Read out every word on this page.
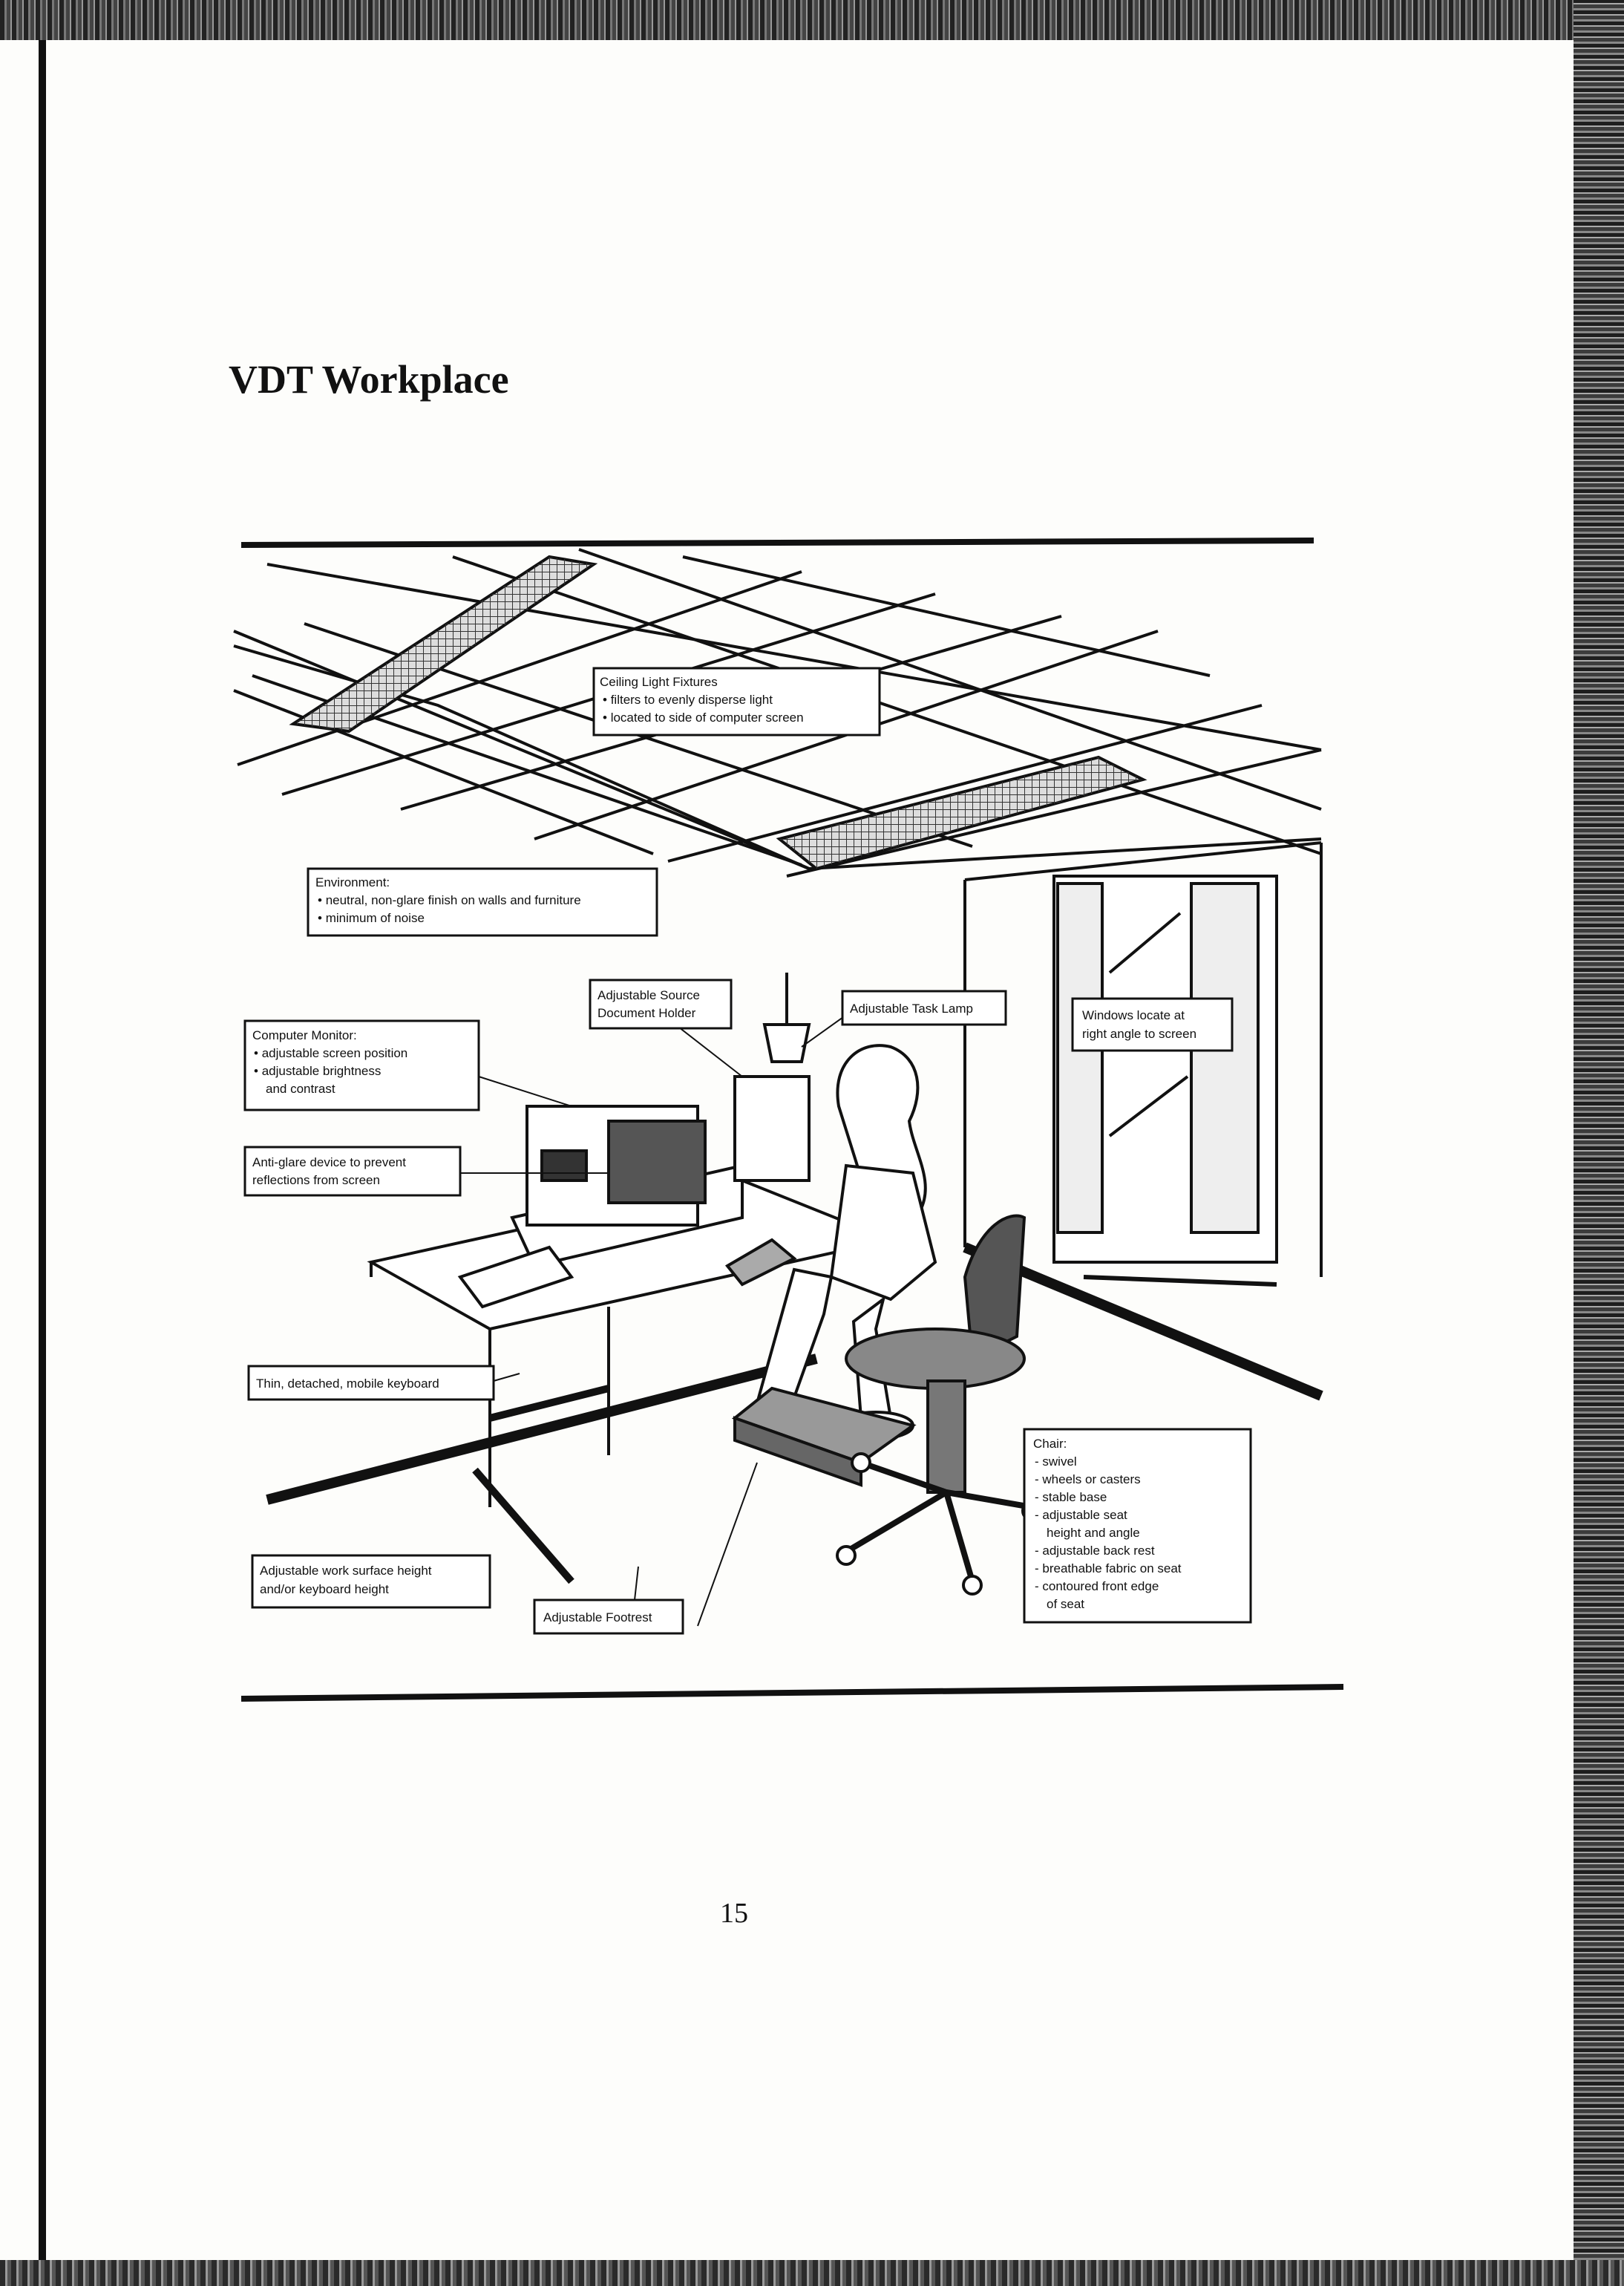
VDT Workplace
Ceiling Light Fixtures
• filters to evenly disperse light
• located to side of computer screen
Environment:
• neutral, non-glare finish on walls and furniture
• minimum of noise
Adjustable Source
Document Holder	Adjustable Task Lamp	Windows locate at
right angle to screen
Computer Monitor:
• adjustable screen position
• adjustable brightness
and contrast
Anti-glare device to prevent
reflections from screen
Thin, detached, mobile keyboard
Adjustable work surface height
and/or keyboard height
Adjustable Footrest
Chair:
- swivel
- wheels or casters
- stable base
- adjustable seat
height and angle
- adjustable back rest
- breathable fabric on seat
- contoured front edge
of seat
15
